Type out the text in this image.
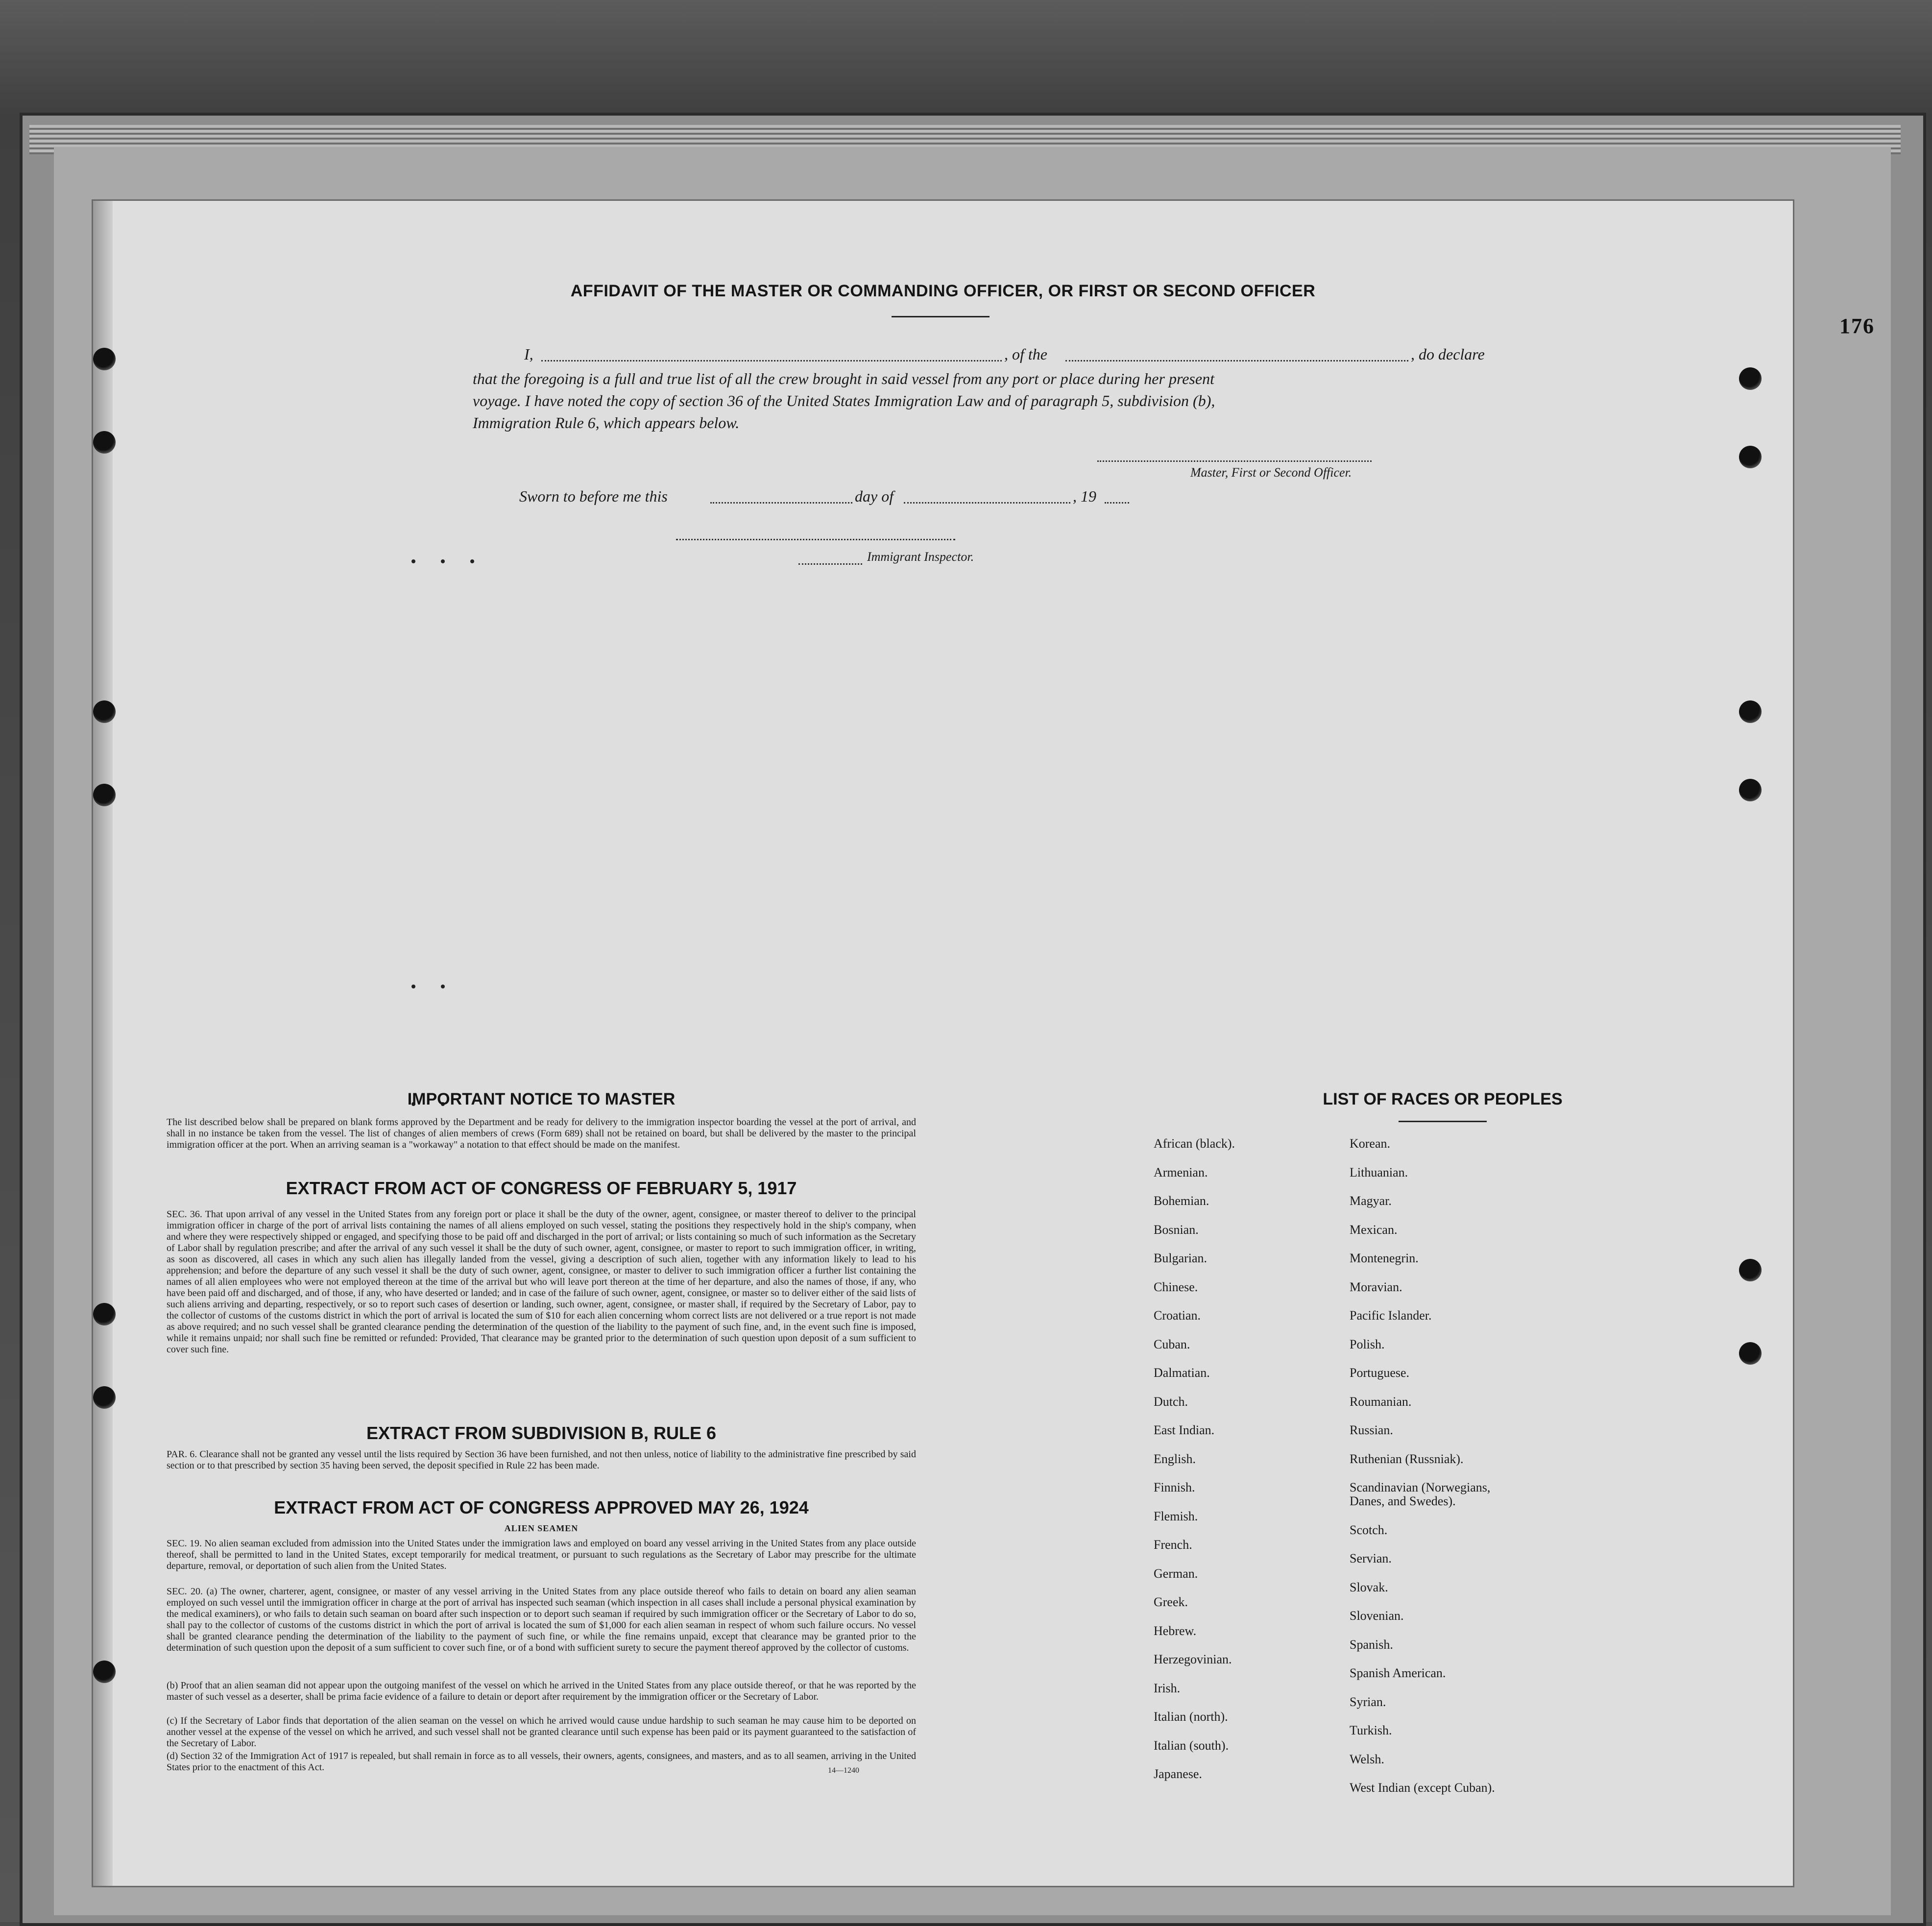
176
AFFIDAVIT OF THE MASTER OR COMMANDING OFFICER, OR FIRST OR SECOND OFFICER
I,	, of the	, do declare
that the foregoing is a full and true list of all the crew brought in said vessel from any port or place during her present
voyage. I have noted the copy of section 36 of the United States Immigration Law and of paragraph 5, subdivision (b),
Immigration Rule 6, which appears below.
Master, First or Second Officer.
Sworn to before me this	day of	, 19
Immigrant Inspector.
IMPORTANT NOTICE TO MASTER
The list described below shall be prepared on blank forms approved by the Department and be ready for delivery to the immigration inspector boarding the vessel at the port of arrival, and shall in no instance be taken from the vessel. The list of changes of alien members of crews (Form 689) shall not be retained on board, but shall be delivered by the master to the principal immigration officer at the port. When an arriving seaman is a "workaway" a notation to that effect should be made on the manifest.
EXTRACT FROM ACT OF CONGRESS OF FEBRUARY 5, 1917
SEC. 36. That upon arrival of any vessel in the United States from any foreign port or place it shall be the duty of the owner, agent, consignee, or master thereof to deliver to the principal immigration officer in charge of the port of arrival lists containing the names of all aliens employed on such vessel, stating the positions they respectively hold in the ship's company, when and where they were respectively shipped or engaged, and specifying those to be paid off and discharged in the port of arrival; or lists containing so much of such information as the Secretary of Labor shall by regulation prescribe; and after the arrival of any such vessel it shall be the duty of such owner, agent, consignee, or master to report to such immigration officer, in writing, as soon as discovered, all cases in which any such alien has illegally landed from the vessel, giving a description of such alien, together with any information likely to lead to his apprehension; and before the departure of any such vessel it shall be the duty of such owner, agent, consignee, or master to deliver to such immigration officer a further list containing the names of all alien employees who were not employed thereon at the time of the arrival but who will leave port thereon at the time of her departure, and also the names of those, if any, who have been paid off and discharged, and of those, if any, who have deserted or landed; and in case of the failure of such owner, agent, consignee, or master so to deliver either of the said lists of such aliens arriving and departing, respectively, or so to report such cases of desertion or landing, such owner, agent, consignee, or master shall, if required by the Secretary of Labor, pay to the collector of customs of the customs district in which the port of arrival is located the sum of $10 for each alien concerning whom correct lists are not delivered or a true report is not made as above required; and no such vessel shall be granted clearance pending the determination of the question of the liability to the payment of such fine, and, in the event such fine is imposed, while it remains unpaid; nor shall such fine be remitted or refunded: Provided, That clearance may be granted prior to the determination of such question upon deposit of a sum sufficient to cover such fine.
EXTRACT FROM SUBDIVISION B, RULE 6
PAR. 6. Clearance shall not be granted any vessel until the lists required by Section 36 have been furnished, and not then unless, notice of liability to the administrative fine prescribed by said section or to that prescribed by section 35 having been served, the deposit specified in Rule 22 has been made.
EXTRACT FROM ACT OF CONGRESS APPROVED MAY 26, 1924
ALIEN SEAMEN
SEC. 19. No alien seaman excluded from admission into the United States under the immigration laws and employed on board any vessel arriving in the United States from any place outside thereof, shall be permitted to land in the United States, except temporarily for medical treatment, or pursuant to such regulations as the Secretary of Labor may prescribe for the ultimate departure, removal, or deportation of such alien from the United States.
SEC. 20. (a) The owner, charterer, agent, consignee, or master of any vessel arriving in the United States from any place outside thereof who fails to detain on board any alien seaman employed on such vessel until the immigration officer in charge at the port of arrival has inspected such seaman (which inspection in all cases shall include a personal physical examination by the medical examiners), or who fails to detain such seaman on board after such inspection or to deport such seaman if required by such immigration officer or the Secretary of Labor to do so, shall pay to the collector of customs of the customs district in which the port of arrival is located the sum of $1,000 for each alien seaman in respect of whom such failure occurs. No vessel shall be granted clearance pending the determination of the liability to the payment of such fine, or while the fine remains unpaid, except that clearance may be granted prior to the determination of such question upon the deposit of a sum sufficient to cover such fine, or of a bond with sufficient surety to secure the payment thereof approved by the collector of customs.
(b) Proof that an alien seaman did not appear upon the outgoing manifest of the vessel on which he arrived in the United States from any place outside thereof, or that he was reported by the master of such vessel as a deserter, shall be prima facie evidence of a failure to detain or deport after requirement by the immigration officer or the Secretary of Labor.
(c) If the Secretary of Labor finds that deportation of the alien seaman on the vessel on which he arrived would cause undue hardship to such seaman he may cause him to be deported on another vessel at the expense of the vessel on which he arrived, and such vessel shall not be granted clearance until such expense has been paid or its payment guaranteed to the satisfaction of the Secretary of Labor.
(d) Section 32 of the Immigration Act of 1917 is repealed, but shall remain in force as to all vessels, their owners, agents, consignees, and masters, and as to all seamen, arriving in the United States prior to the enactment of this Act.	14—1240
LIST OF RACES OR PEOPLES
African (black).
Armenian.
Bohemian.
Bosnian.
Bulgarian.
Chinese.
Croatian.
Cuban.
Dalmatian.
Dutch.
East Indian.
English.
Finnish.
Flemish.
French.
German.
Greek.
Hebrew.
Herzegovinian.
Irish.
Italian (north).
Italian (south).
Japanese.
Korean.
Lithuanian.
Magyar.
Mexican.
Montenegrin.
Moravian.
Pacific Islander.
Polish.
Portuguese.
Roumanian.
Russian.
Ruthenian (Russniak).
Scandinavian (Norwegians,
Danes, and Swedes).
Scotch.
Servian.
Slovak.
Slovenian.
Spanish.
Spanish American.
Syrian.
Turkish.
Welsh.
West Indian (except Cuban).
